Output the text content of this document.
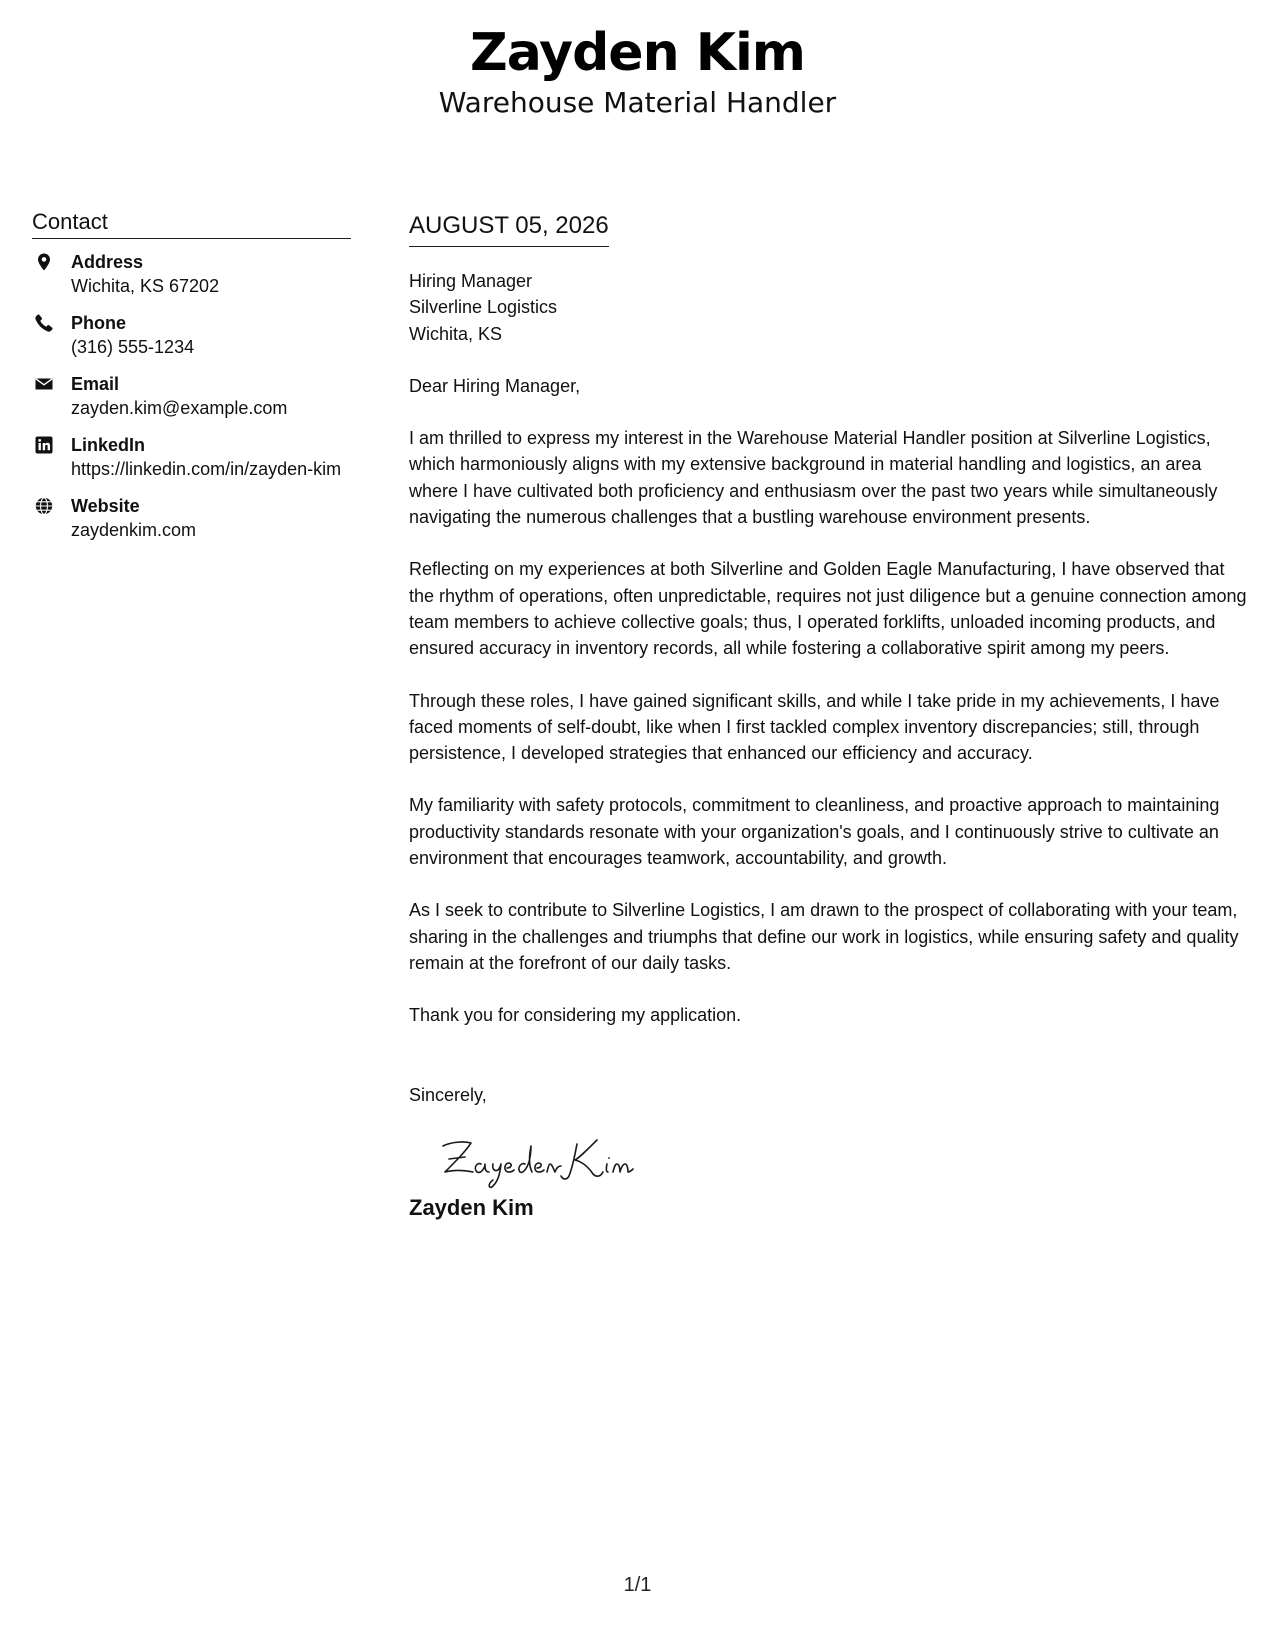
Zayden Kim
Warehouse Material Handler
Contact
Address
Wichita, KS 67202
Phone
(316) 555-1234
Email
zayden.kim@example.com
LinkedIn
https://linkedin.com/in/zayden-kim
Website
zaydenkim.com
AUGUST 05, 2026
Hiring Manager
Silverline Logistics
Wichita, KS
Dear Hiring Manager,

I am thrilled to express my interest in the Warehouse Material Handler position at Silverline Logistics, which harmoniously aligns with my extensive background in material handling and logistics, an area where I have cultivated both proficiency and enthusiasm over the past two years while simultaneously navigating the numerous challenges that a bustling warehouse environment presents.

Reflecting on my experiences at both Silverline and Golden Eagle Manufacturing, I have observed that the rhythm of operations, often unpredictable, requires not just diligence but a genuine connection among team members to achieve collective goals; thus, I operated forklifts, unloaded incoming products, and ensured accuracy in inventory records, all while fostering a collaborative spirit among my peers.

Through these roles, I have gained significant skills, and while I take pride in my achievements, I have faced moments of self-doubt, like when I first tackled complex inventory discrepancies; still, through persistence, I developed strategies that enhanced our efficiency and accuracy.

My familiarity with safety protocols, commitment to cleanliness, and proactive approach to maintaining productivity standards resonate with your organization's goals, and I continuously strive to cultivate an environment that encourages teamwork, accountability, and growth.

As I seek to contribute to Silverline Logistics, I am drawn to the prospect of collaborating with your team, sharing in the challenges and triumphs that define our work in logistics, while ensuring safety and quality remain at the forefront of our daily tasks.

Thank you for considering my application.

Sincerely,
Zayden Kim
1/1
